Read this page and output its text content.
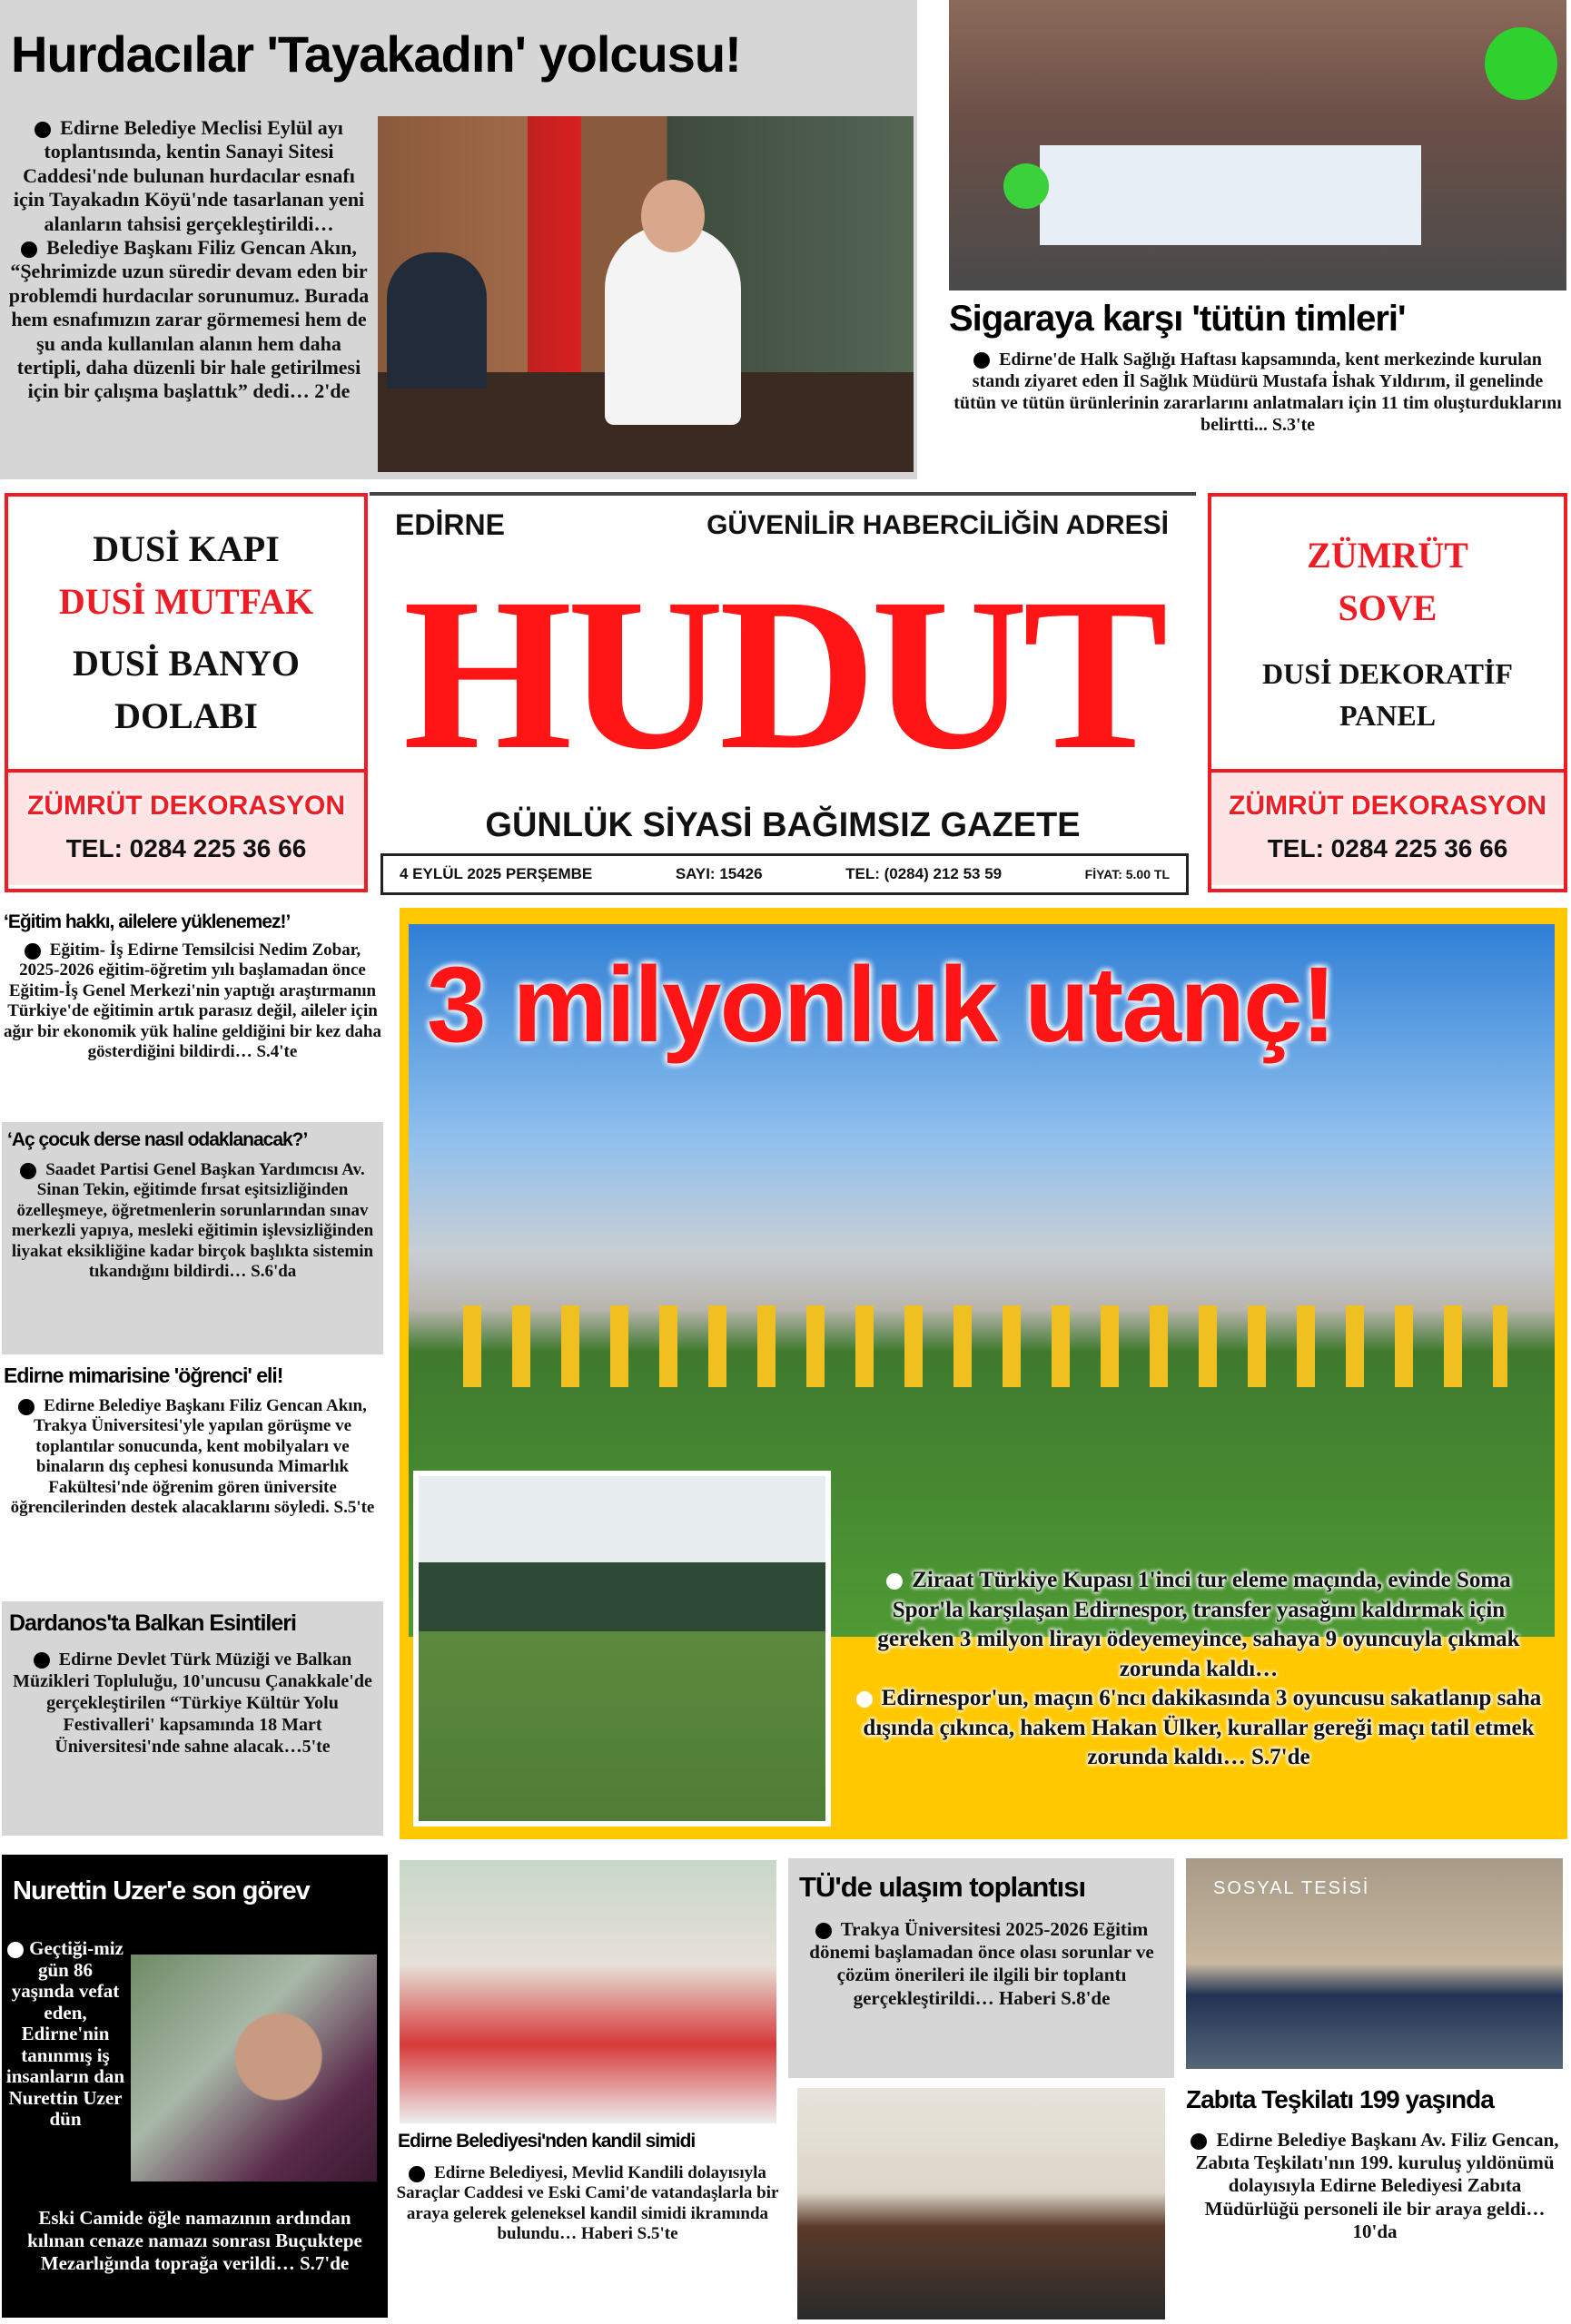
Hurdacılar 'Tayakadın' yolcusu!

Edirne Belediye Meclisi Eylül ayı toplantısında, kentin Sanayi Sitesi Caddesi'nde bulunan hurdacılar esnafı için Tayakadın Köyü'nde tasarlanan yeni alanların tahsisi gerçekleştirildi…

Belediye Başkanı Filiz Gencan Akın, “Şehrimizde uzun süredir devam eden bir problemdi hurdacılar sorunumuz. Burada hem esnafımızın zarar görmemesi hem de şu anda kullanılan alanın hem daha tertipli, daha düzenli bir hale getirilmesi için bir çalışma başlattık” dedi… 2'de

Sigaraya karşı 'tütün timleri'
Edirne'de Halk Sağlığı Haftası kapsamında, kent merkezinde kurulan standı ziyaret eden İl Sağlık Müdürü Mustafa İshak Yıldırım, il genelinde tütün ve tütün ürünlerinin zararlarını anlatmaları için 11 tim oluşturduklarını belirtti... S.3'te
DUSİ KAPI
DUSİ MUTFAK
DUSİ BANYO
DOLABI
ZÜMRÜT DEKORASYON
TEL: 0284 225 36 66
EDİRNE	GÜVENİLİR HABERCİLİĞİN ADRESİ
HUDUT
GÜNLÜK SİYASİ BAĞIMSIZ GAZETE
4 EYLÜL 2025 PERŞEMBE	SAYI: 15426	TEL: (0284) 212 53 59	FİYAT: 5.00 TL
ZÜMRÜT
SOVE
DUSİ DEKORATİF
PANEL
ZÜMRÜT DEKORASYON
TEL: 0284 225 36 66
‘Eğitim hakkı, ailelere yüklenemez!’
Eğitim- İş Edirne Temsilcisi Nedim Zobar, 2025-2026 eğitim-öğretim yılı başlamadan önce Eğitim-İş Genel Merkezi'nin yaptığı araştırmanın Türkiye'de eğitimin artık parasız değil, aileler için ağır bir ekonomik yük haline geldiğini bir kez daha gösterdiğini bildirdi… S.4'te
‘Aç çocuk derse nasıl odaklanacak?’
Saadet Partisi Genel Başkan Yardımcısı Av. Sinan Tekin, eğitimde fırsat eşitsizliğinden özelleşmeye, öğretmenlerin sorunlarından sınav merkezli yapıya, mesleki eğitimin işlevsizliğinden liyakat eksikliğine kadar birçok başlıkta sistemin tıkandığını bildirdi… S.6'da
Edirne mimarisine 'öğrenci' eli!
Edirne Belediye Başkanı Filiz Gencan Akın, Trakya Üniversitesi'yle yapılan görüşme ve toplantılar sonucunda, kent mobilyaları ve binaların dış cephesi konusunda Mimarlık Fakültesi'nde öğrenim gören üniversite öğrencilerinden destek alacaklarını söyledi. S.5'te
Dardanos'ta Balkan Esintileri
Edirne Devlet Türk Müziği ve Balkan Müzikleri Topluluğu, 10'uncusu Çanakkale'de gerçekleştirilen “Türkiye Kültür Yolu Festivalleri' kapsamında 18 Mart Üniversitesi'nde sahne alacak…5'te
3 milyonluk utanç!

Ziraat Türkiye Kupası 1'inci tur eleme maçında, evinde Soma Spor'la karşılaşan Edirnespor, transfer yasağını kaldırmak için gereken 3 milyon lirayı ödeyemeyince, sahaya 9 oyuncuyla çıkmak zorunda kaldı…

Edirnespor'un, maçın 6'ncı dakikasında 3 oyuncusu sakatlanıp saha dışında çıkınca, hakem Hakan Ülker, kurallar gereği maçı tatil etmek zorunda kaldı… S.7'de

Nurettin Uzer'e son görev
Geçtiği-miz gün 86 yaşında vefat eden, Edirne'nin tanınmış iş insanların dan Nurettin Uzer dün
Eski Camide öğle namazının ardından kılınan cenaze namazı sonrası Buçuktepe Mezarlığında toprağa verildi… S.7'de
Edirne Belediyesi'nden kandil simidi
Edirne Belediyesi, Mevlid Kandili dolayısıyla Saraçlar Caddesi ve Eski Cami'de vatandaşlarla bir araya gelerek geleneksel kandil simidi ikramında bulundu… Haberi S.5'te
TÜ'de ulaşım toplantısı
Trakya Üniversitesi 2025-2026 Eğitim dönemi başlamadan önce olası sorunlar ve çözüm önerileri ile ilgili bir toplantı gerçekleştirildi… Haberi S.8'de
SOSYAL TESİSİ
Zabıta Teşkilatı 199 yaşında
Edirne Belediye Başkanı Av. Filiz Gencan, Zabıta Teşkilatı'nın 199. kuruluş yıldönümü dolayısıyla Edirne Belediyesi Zabıta Müdürlüğü personeli ile bir araya geldi…10'da
